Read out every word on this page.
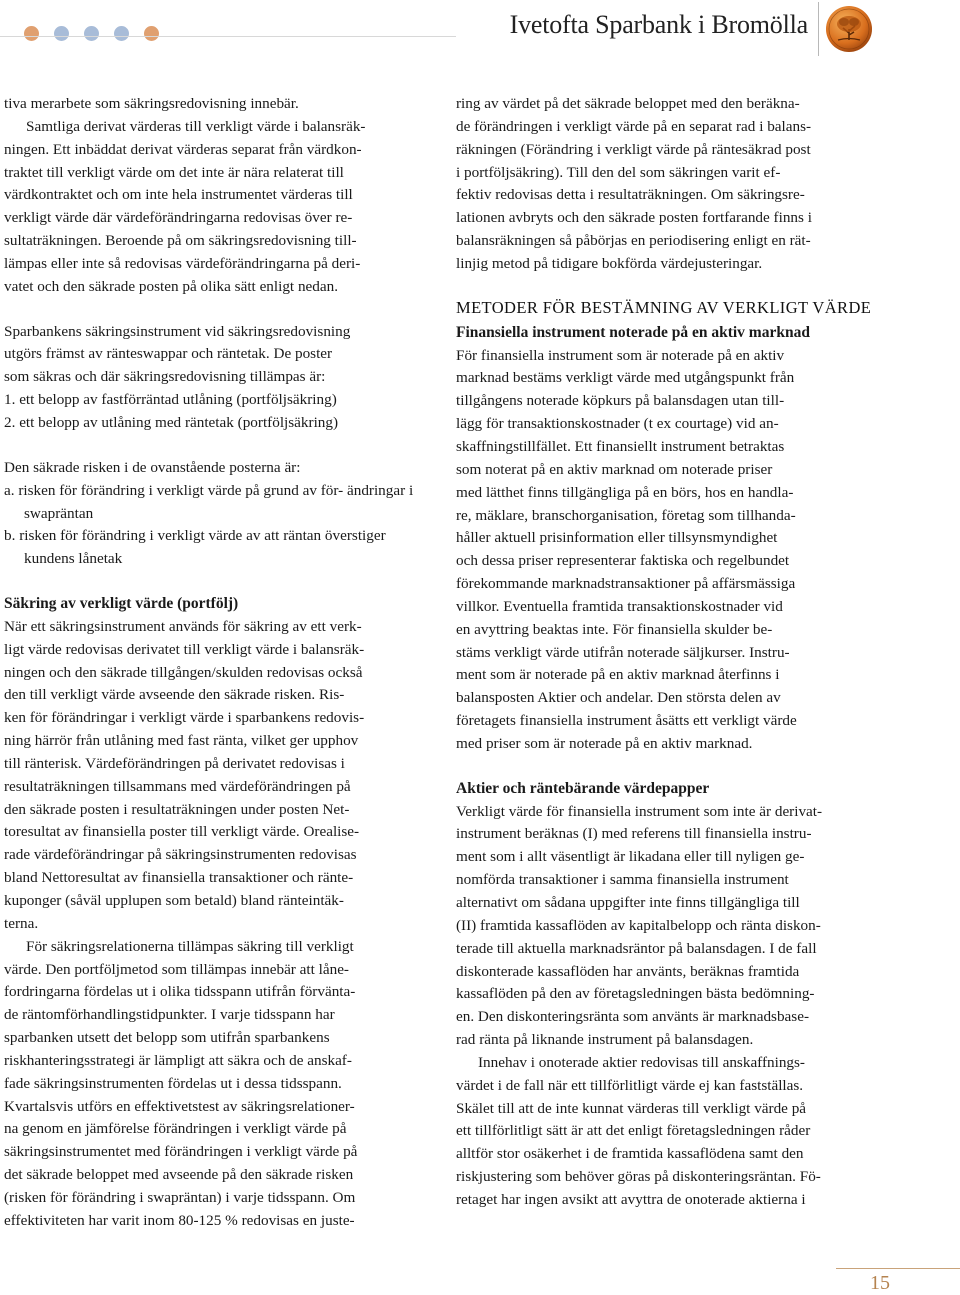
Ivetofta Sparbank i Bromölla

tiva merarbete som säkringsredovisning innebär.

Samtliga derivat värderas till verkligt värde i balansräk-

ningen. Ett inbäddat derivat värderas separat från värdkon-

traktet till verkligt värde om det inte är nära relaterat till

värdkontraktet och om inte hela instrumentet värderas till

verkligt värde där värdeförändringarna redovisas över re-

sultaträkningen. Beroende på om säkringsredovisning till-

lämpas eller inte så redovisas värdeförändringarna på deri-

vatet och den säkrade posten på olika sätt enligt nedan.

Sparbankens säkringsinstrument vid säkringsredovisning

utgörs främst av ränteswappar och räntetak. De poster

som säkras och där säkringsredovisning tillämpas är:

1. ett belopp av fastförräntad utlåning (portföljsäkring)

2. ett belopp av utlåning med räntetak (portföljsäkring)

Den säkrade risken i de ovanstående posterna är:

a. risken för förändring i verkligt värde på grund av för- ändringar i swapräntan

b. risken för förändring i verkligt värde av att räntan överstiger kundens lånetak

Säkring av verkligt värde (portfölj)

När ett säkringsinstrument används för säkring av ett verk-

ligt värde redovisas derivatet till verkligt värde i balansräk-

ningen och den säkrade tillgången/skulden redovisas också

den till verkligt värde avseende den säkrade risken. Ris-

ken för förändringar i verkligt värde i sparbankens redovis-

ning härrör från utlåning med fast ränta, vilket ger upphov

till ränterisk. Värdeförändringen på derivatet redovisas i

resultaträkningen tillsammans med värdeförändringen på

den säkrade posten i resultaträkningen under posten Net-

toresultat av finansiella poster till verkligt värde. Orealise-

rade värdeförändringar på säkringsinstrumenten redovisas

bland Nettoresultat av finansiella transaktioner och ränte-

kuponger (såväl upplupen som betald) bland ränteintäk-

terna.

För säkringsrelationerna tillämpas säkring till verkligt

värde. Den portföljmetod som tillämpas innebär att låne-

fordringarna fördelas ut i olika tidsspann utifrån förvänta-

de räntomförhandlingstidpunkter. I varje tidsspann har

sparbanken utsett det belopp som utifrån sparbankens

riskhanteringsstrategi är lämpligt att säkra och de anskaf-

fade säkringsinstrumenten fördelas ut i dessa tidsspann.

Kvartalsvis utförs en effektivetstest av säkringsrelationer-

na genom en jämförelse förändringen i verkligt värde på

säkringsinstrumentet med förändringen i verkligt värde på

det säkrade beloppet med avseende på den säkrade risken

(risken för förändring i swapräntan) i varje tidsspann. Om

effektiviteten har varit inom 80-125 % redovisas en juste-

ring av värdet på det säkrade beloppet med den beräkna-

de förändringen i verkligt värde på en separat rad i balans-

räkningen (Förändring i verkligt värde på räntesäkrad post

i portföljsäkring). Till den del som säkringen varit ef-

fektiv redovisas detta i resultaträkningen. Om säkringsre-

lationen avbryts och den säkrade posten fortfarande finns i

balansräkningen så påbörjas en periodisering enligt en rät-

linjig metod på tidigare bokförda värdejusteringar.

METODER FÖR BESTÄMNING AV VERKLIGT VÄRDE

Finansiella instrument noterade på en aktiv marknad

För finansiella instrument som är noterade på en aktiv

marknad bestäms verkligt värde med utgångspunkt från

tillgångens noterade köpkurs på balansdagen utan till-

lägg för transaktionskostnader (t ex courtage) vid an-

skaffningstillfället. Ett finansiellt instrument betraktas

som noterat på en aktiv marknad om noterade priser

med lätthet finns tillgängliga på en börs, hos en handla-

re, mäklare, branschorganisation, företag som tillhanda-

håller aktuell prisinformation eller tillsynsmyndighet

och dessa priser representerar faktiska och regelbundet

förekommande marknadstransaktioner på affärsmässiga

villkor. Eventuella framtida transaktionskostnader vid

en avyttring beaktas inte. För finansiella skulder be-

stäms verkligt värde utifrån noterade säljkurser. Instru-

ment som är noterade på en aktiv marknad återfinns i

balansposten Aktier och andelar. Den största delen av

företagets finansiella instrument åsätts ett verkligt värde

med priser som är noterade på en aktiv marknad.

Aktier och räntebärande värdepapper

Verkligt värde för finansiella instrument som inte är derivat-

instrument beräknas (I) med referens till finansiella instru-

ment som i allt väsentligt är likadana eller till nyligen ge-

nomförda transaktioner i samma finansiella instrument

alternativt om sådana uppgifter inte finns tillgängliga till

(II) framtida kassaflöden av kapitalbelopp och ränta diskon-

terade till aktuella marknadsräntor på balansdagen. I de fall

diskonterade kassaflöden har använts, beräknas framtida

kassaflöden på den av företagsledningen bästa bedömning-

en. Den diskonteringsränta som använts är marknadsbase-

rad ränta på liknande instrument på balansdagen.

Innehav i onoterade aktier redovisas till anskaffnings-

värdet i de fall när ett tillförlitligt värde ej kan fastställas.

Skälet till att de inte kunnat värderas till verkligt värde på

ett tillförlitligt sätt är att det enligt företagsledningen råder

alltför stor osäkerhet i de framtida kassaflödena samt den

riskjustering som behöver göras på diskonteringsräntan. Fö-

retaget har ingen avsikt att avyttra de onoterade aktierna i

15
